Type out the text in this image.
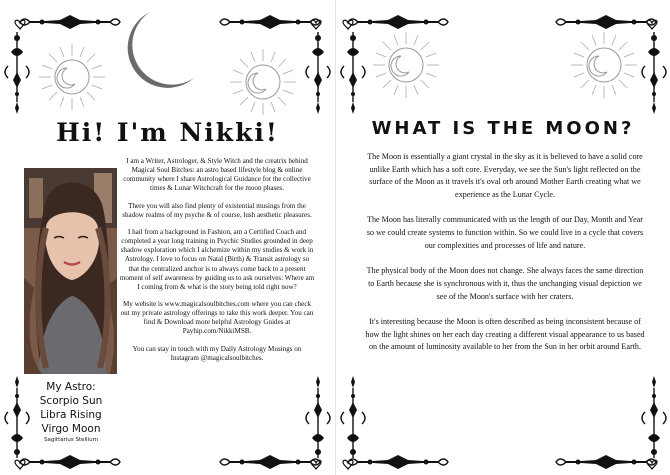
Hi! I'm Nikki!

I am a Writer, Astrologer, & Style Witch and the creatrix behind Magical Soul Bitches: an astro based lifestyle blog & online community where I share Astrological Guidance for the collective times & Lunar Witchcraft for the moon phases.

There you will also find plenty of existential musings from the shadow realms of my psyche & of course, lush aesthetic pleasures.

I hail from a background in Fashion, am a Certified Coach and completed a year long training in Psychic Studies grounded in deep shadow exploration which I alchemize within my studies & work in Astrology. I love to focus on Natal (Birth) & Transit astrology so that the centralized anchor is to always come back to a present moment of self awareness by guiding us to ask ourselves: Where am I coming from & what is the story being told right now?

My website is www.magicalsoulbitches.com where you can check out my private astrology offerings to take this work deeper. You can find & Download more helpful Astrology Guides at Payhip.com/NikkiMSB.

You can stay in touch with my Daily Astrology Musings on Instagram @magicalsoulbitches.

My Astro:
Scorpio Sun
Libra Rising
Virgo Moon
Sagittarius Stellium
WHAT IS THE MOON?

The Moon is essentially a giant crystal in the sky as it is believed to have a solid core unlike Earth which has a soft core. Everyday, we see the Sun's light reflected on the surface of the Moon as it travels it's oval orb around Mother Earth creating what we experience as the Lunar Cycle.

The Moon has literally communicated with us the length of our Day, Month and Year so we could create systems to function within. So we could live in a cycle that covers our complexities and processes of life and nature.

The physical body of the Moon does not change. She always faces the same direction to Earth because she is synchronous with it, thus the unchanging visual depiction we see of the Moon's surface with her craters.

It's interesting because the Moon is often described as being inconsistent because of how the light shines on her each day creating a different visual appearance to us based on the amount of luminosity available to her from the Sun in her orbit around Earth.
